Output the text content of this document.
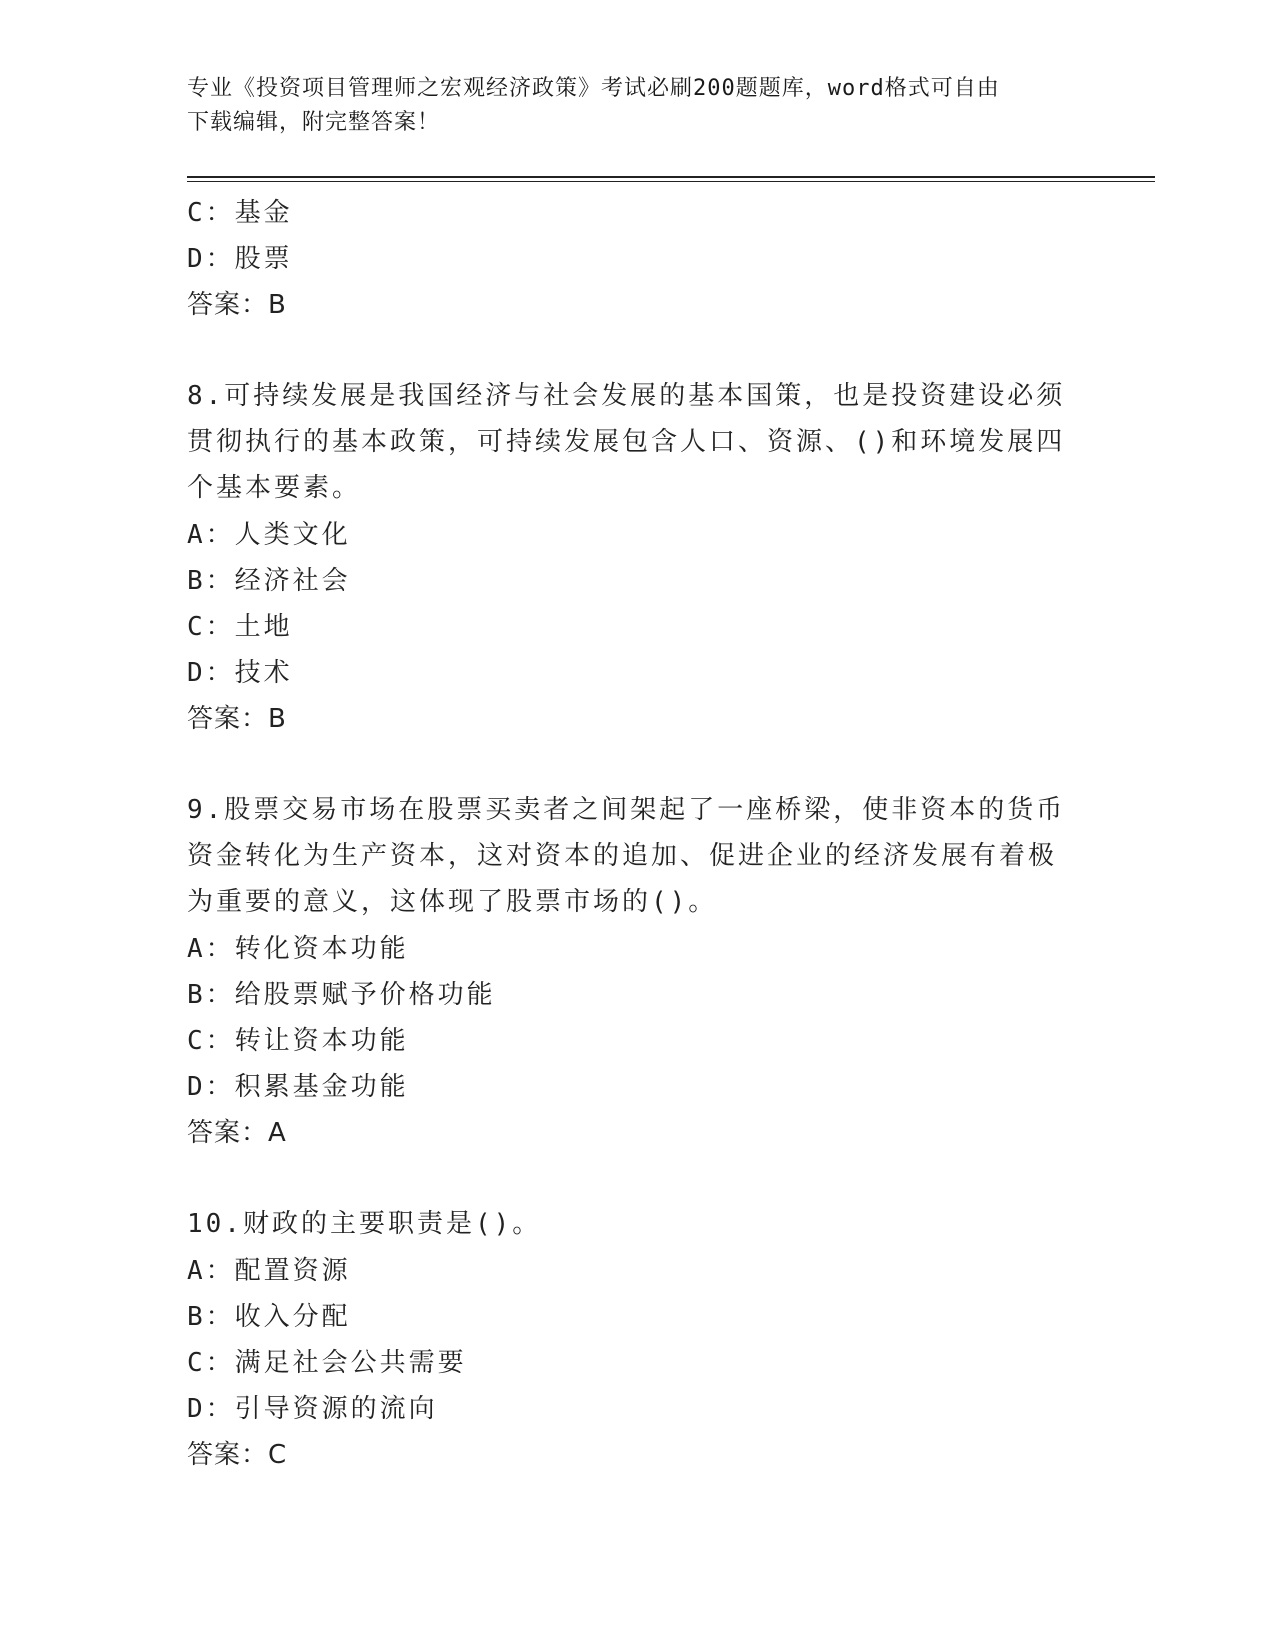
专业《投资项目管理师之宏观经济政策》考试必刷200题题库，word格式可自由
下载编辑，附完整答案！
C：基金
D：股票
答案：B
8.可持续发展是我国经济与社会发展的基本国策，也是投资建设必须
贯彻执行的基本政策，可持续发展包含人口、资源、()和环境发展四
个基本要素。
A：人类文化
B：经济社会
C：土地
D：技术
答案：B
9.股票交易市场在股票买卖者之间架起了一座桥梁，使非资本的货币
资金转化为生产资本，这对资本的追加、促进企业的经济发展有着极
为重要的意义，这体现了股票市场的()。
A：转化资本功能
B：给股票赋予价格功能
C：转让资本功能
D：积累基金功能
答案：A
10.财政的主要职责是()。
A：配置资源
B：收入分配
C：满足社会公共需要
D：引导资源的流向
答案：C
